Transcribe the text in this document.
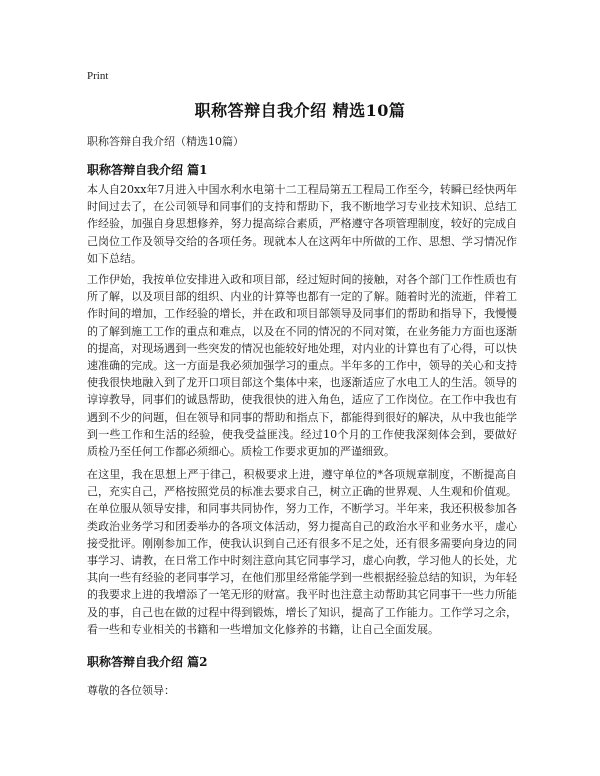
Print
职称答辩自我介绍 精选10篇
职称答辩自我介绍（精选10篇）
职称答辩自我介绍 篇1
本人自20xx年7月进入中国水利水电第十二工程局第五工程局工作至今，转瞬已经快两年时间过去了，在公司领导和同事们的支持和帮助下，我不断地学习专业技术知识、总结工作经验，加强自身思想修养，努力提高综合素质，严格遵守各项管理制度，较好的完成自己岗位工作及领导交给的各项任务。现就本人在这两年中所做的工作、思想、学习情况作如下总结。
工作伊始，我按单位安排进入政和项目部，经过短时间的接触，对各个部门工作性质也有所了解，以及项目部的组织、内业的计算等也都有一定的了解。随着时光的流逝，伴着工作时间的增加，工作经验的增长，并在政和项目部领导及同事们的帮助和指导下，我慢慢的了解到施工工作的重点和难点，以及在不同的情况的不同对策，在业务能力方面也逐渐的提高，对现场遇到一些突发的情况也能较好地处理，对内业的计算也有了心得，可以快速准确的完成。这一方面是我必须加强学习的重点。半年多的工作中，领导的关心和支持使我很快地融入到了龙开口项目部这个集体中来，也逐渐适应了水电工人的生活。领导的谆谆教导，同事们的诚恳帮助，使我很快的进入角色，适应了工作岗位。在工作中我也有遇到不少的问题，但在领导和同事的帮助和指点下，都能得到很好的解决，从中我也能学到一些工作和生活的经验，使我受益匪浅。经过10个月的工作使我深刻体会到，要做好质检乃至任何工作都必须细心。质检工作要求更加的严谨细致。
在这里，我在思想上严于律己，积极要求上进，遵守单位的*各项规章制度，不断提高自己，充实自己，严格按照党员的标准去要求自己，树立正确的世界观、人生观和价值观。在单位服从领导安排，和同事共同协作，努力工作，不断学习。半年来，我还积极参加各类政治业务学习和团委举办的各项文体活动，努力提高自己的政治水平和业务水平，虚心接受批评。刚刚参加工作，使我认识到自己还有很多不足之处，还有很多需要向身边的同事学习、请教，在日常工作中时刻注意向其它同事学习，虚心向教，学习他人的长处，尤其向一些有经验的老同事学习，在他们那里经常能学到一些根据经验总结的知识，为年轻的我要求上进的我增添了一笔无形的财富。我平时也注意主动帮助其它同事干一些力所能及的事，自己也在做的过程中得到锻炼，增长了知识，提高了工作能力。工作学习之余，看一些和专业相关的书籍和一些增加文化修养的书籍，让自己全面发展。
职称答辩自我介绍 篇2
尊敬的各位领导：
